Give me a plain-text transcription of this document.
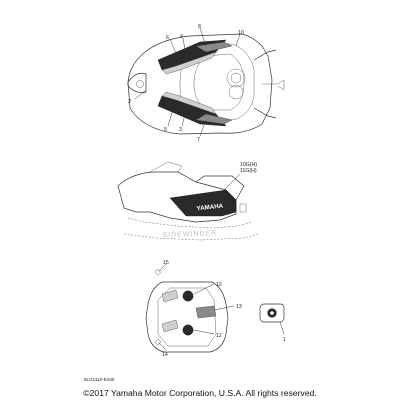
6 4
8
10
2
5 3
7
YAMAHA
SIDEWINDER
10G(H)
11G(H)
15
12
13
12
14
1
8LG1110-E340
©2017 Yamaha Motor Corporation, U.S.A. All rights reserved.
